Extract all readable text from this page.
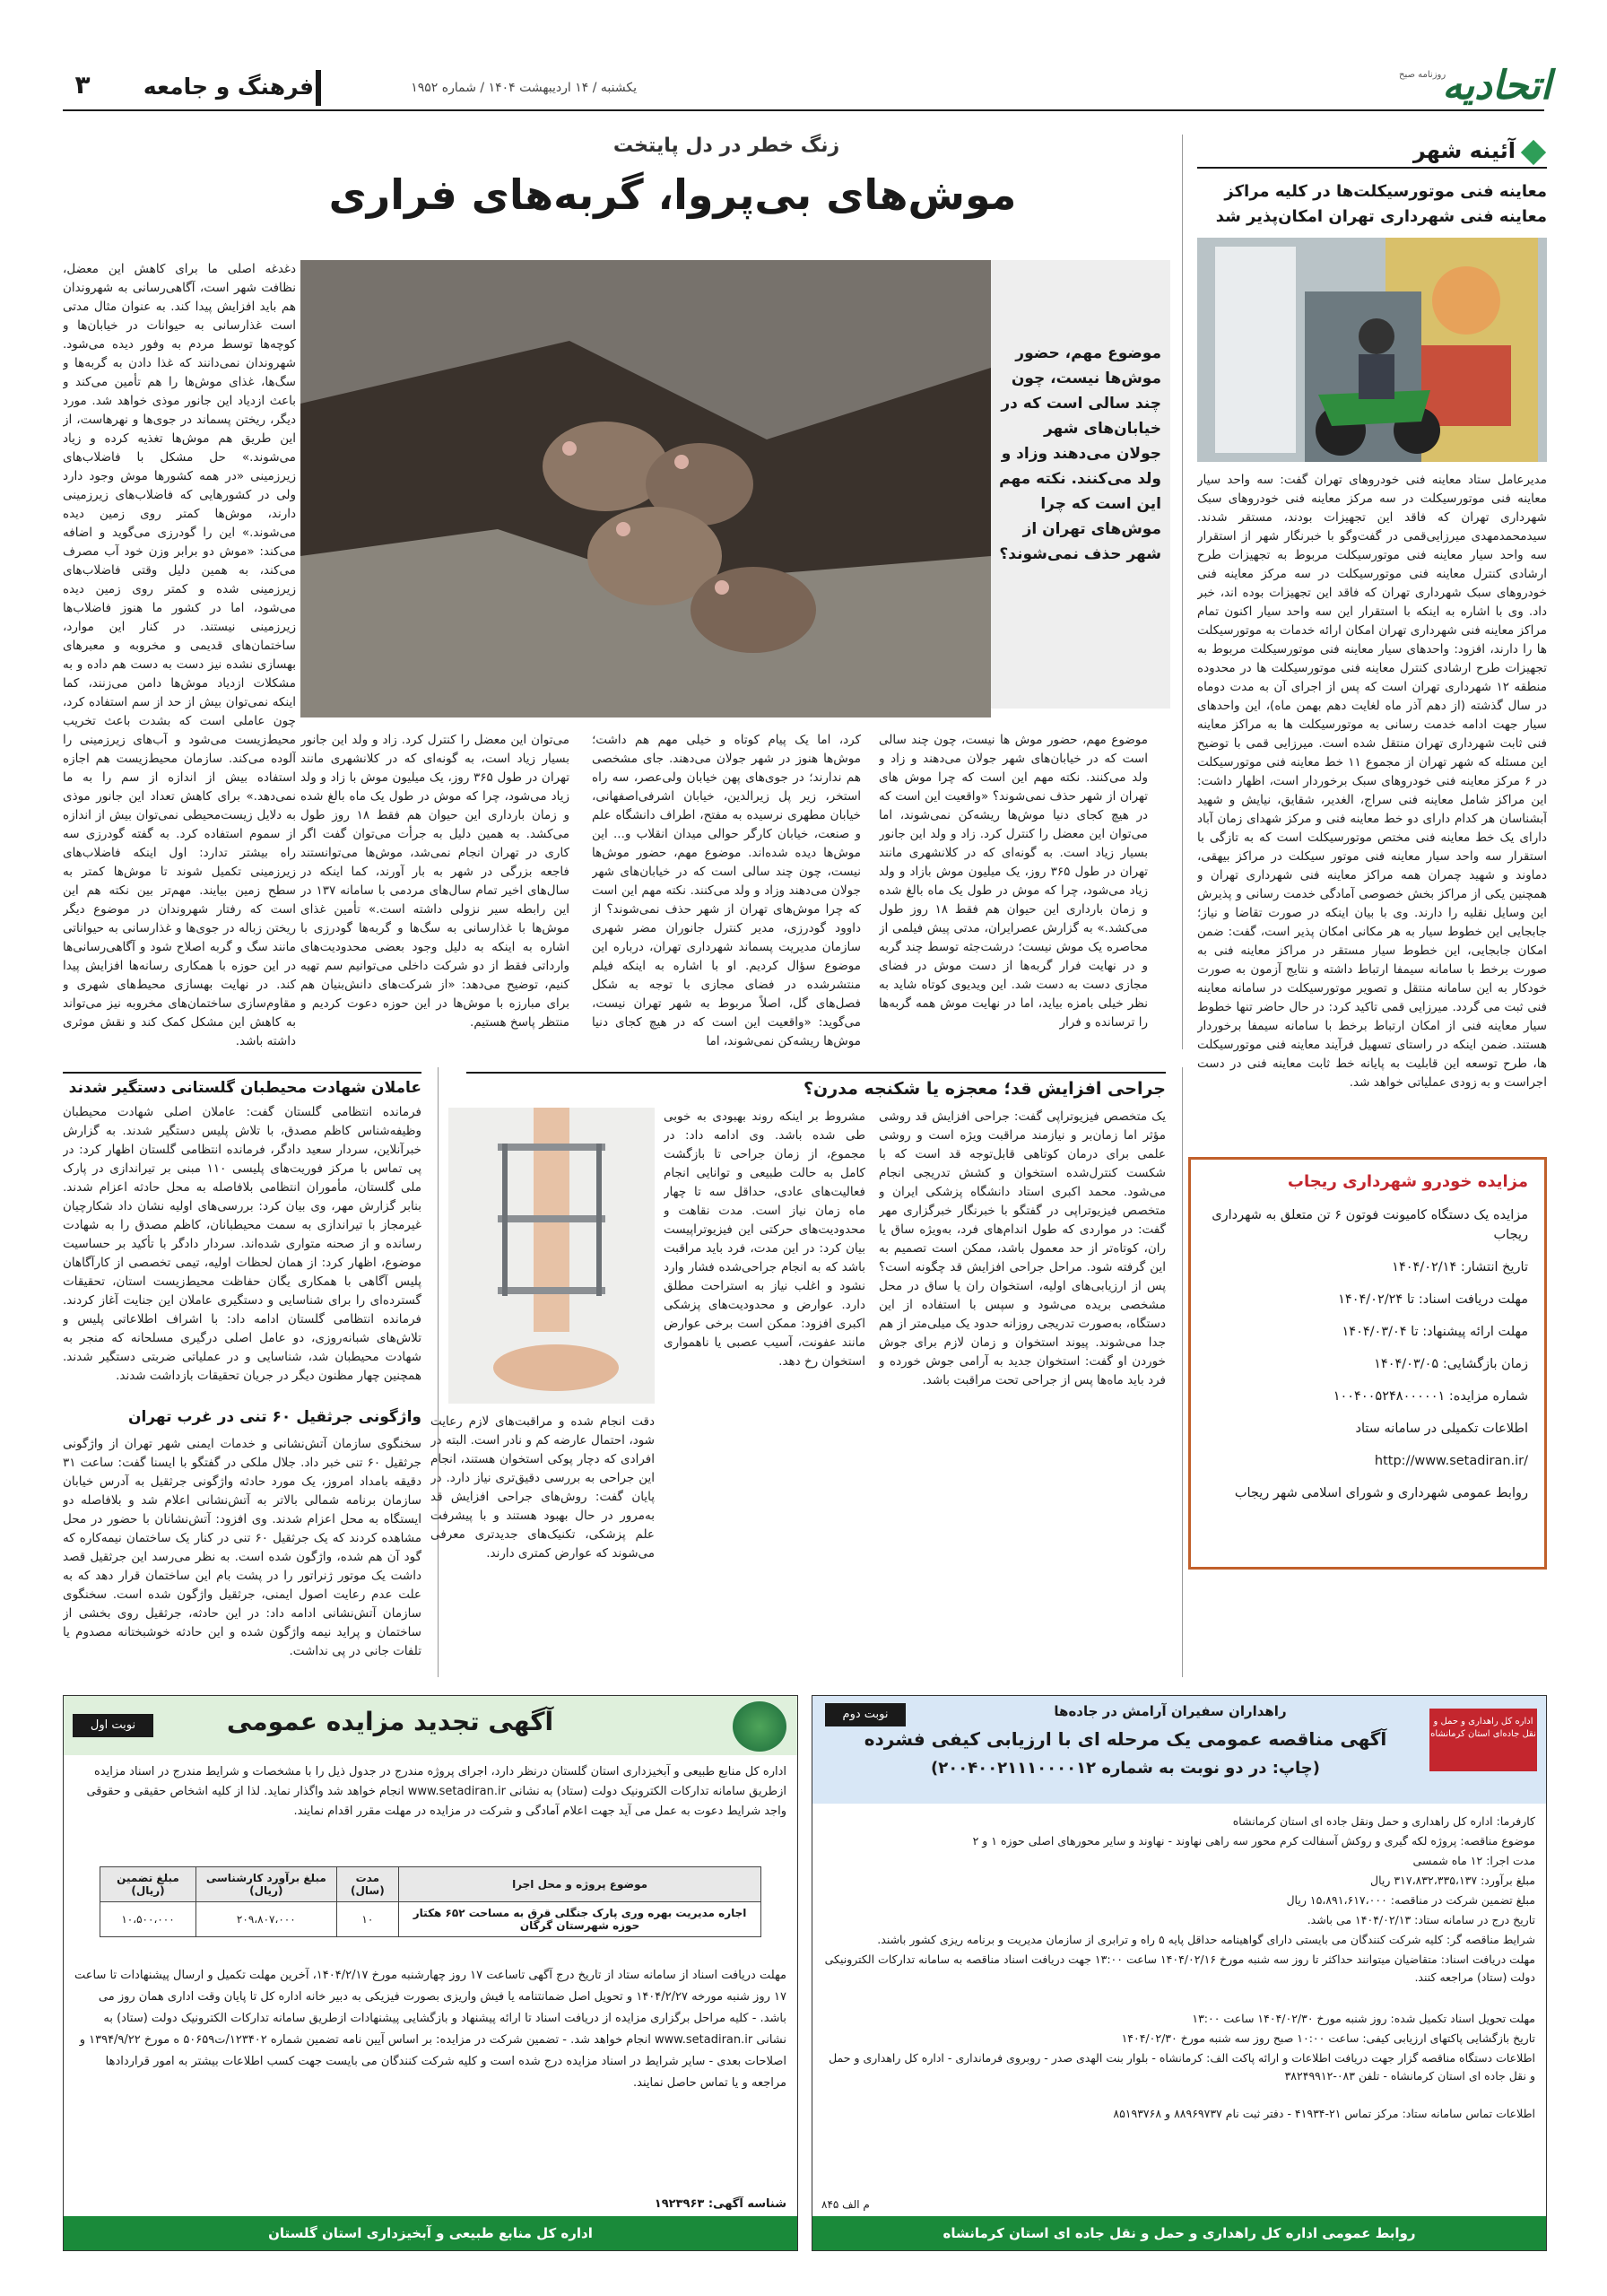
۳	فرهنگ و جامعه	یکشنبه / ۱۴ اردیبهشت ۱۴۰۴ / شماره ۱۹۵۲	اتحادیه
روزنامه صبح
آئینه شهر
معاینه فنی موتورسیکلت‌ها در کلیه مراکز معاینه فنی شهرداری تهران امکان‌پذیر شد
مدیرعامل ستاد معاینه فنی خودروهای تهران گفت: سه واحد سیار معاینه فنی موتورسیکلت در سه مرکز معاینه فنی خودروهای سبک شهرداری تهران که فاقد این تجهیزات بودند، مستقر شدند. سیدمحمدمهدی میرزایی‌قمی در گفت‌وگو با خبرنگار شهر از استقرار سه واحد سیار معاینه فنی موتورسیکلت مربوط به تجهیزات طرح ارشادی کنترل معاینه فنی موتورسیکلت در سه مرکز معاینه فنی خودروهای سبک شهرداری تهران که فاقد این تجهیزات بوده اند، خبر داد. وی با اشاره به اینکه با استقرار این سه واحد سیار اکنون تمام مراکز معاینه فنی شهرداری تهران امکان ارائه خدمات به موتورسیکلت ها را دارند، افزود: واحدهای سیار معاینه فنی موتورسیکلت مربوط به تجهیزات طرح ارشادی کنترل معاینه فنی موتورسیکلت ها در محدوده منطقه ۱۲ شهرداری تهران است که پس از اجرای آن به مدت دوماه در سال گذشته (از دهم آذر ماه لغایت دهم بهمن ماه)، این واحدهای سیار جهت ادامه خدمت رسانی به موتورسیکلت ها به مراکز معاینه فنی ثابت شهرداری تهران منتقل شده است. میرزایی قمی با توضیح این مسئله که شهر تهران از مجموع ۱۱ خط معاینه فنی موتورسیکلت در ۶ مرکز معاینه فنی خودروهای سبک برخوردار است، اظهار داشت: این مراکز شامل معاینه فنی سراج، الغدیر، شقایق، نیایش و شهید آبشناسان هر کدام دارای دو خط معاینه فنی و مرکز شهدای زمان آباد دارای یک خط معاینه فنی مختص موتورسیکلت است که به تازگی با استقرار سه واحد سیار معاینه فنی موتور سیکلت در مراکز بیهقی، دماوند و شهید چمران همه مراکز معاینه فنی شهرداری تهران و همچنین یکی از مراکز بخش خصوصی آمادگی خدمت رسانی و پذیرش این وسایل نقلیه را دارند. وی با بیان اینکه در صورت تقاضا و نیاز؛ جابجایی این خطوط سیار به هر مکانی امکان پذیر است، گفت: ضمن امکان جابجایی، این خطوط سیار مستقر در مراکز معاینه فنی به صورت برخط با سامانه سیمفا ارتباط داشته و نتایج آزمون به صورت خودکار به این سامانه منتقل و تصویر موتورسیکلت در سامانه معاینه فنی ثبت می گردد. میرزایی قمی تاکید کرد: در حال حاضر تنها خطوط سیار معاینه فنی از امکان ارتباط برخط با سامانه سیمفا برخوردار هستند. ضمن اینکه در راستای تسهیل فرآیند معاینه فنی موتورسیکلت ها، طرح توسعه این قابلیت به پایانه خط ثابت معاینه فنی در دست اجراست و به زودی عملیاتی خواهد شد.
زنگ خطر در دل پایتخت
موش‌های بی‌پروا، گربه‌های فراری
موضوع مهم، حضور موش‌ها نیست، چون چند سالی است که در خیابان‌های شهر جولان می‌دهند وزاد و ولد می‌کنند. نکته مهم این است که چرا موش‌های تهران از شهر حذف نمی‌شوند؟
موضوع مهم، حضور موش ها نیست، چون چند سالی است که در خیابان‌های شهر جولان می‌دهند و زاد و ولد می‌کنند. نکته مهم این است که چرا موش های تهران از شهر حذف نمی‌شوند؟ «واقعیت این است که در هیچ کجای دنیا موش‌ها ریشه‌کن نمی‌شوند، اما می‌توان این معضل را کنترل کرد. زاد و ولد این جانور بسیار زیاد است. به گونه‌ای که در کلانشهری مانند تهران در طول ۳۶۵ روز، یک میلیون موش بازاد و ولد زیاد می‌شود، چرا که موش در طول یک ماه بالغ شده و زمان بارداری این حیوان هم فقط ۱۸ روز طول می‌کشد.» به گزارش عصرایران، مدتی پیش فیلمی از محاصره یک موش نیست؛ درشت‌جثه توسط چند گربه و در نهایت فرار گربه‌ها از دست موش در فضای مجازی دست به دست شد. این ویدیوی کوتاه شاید به نظر خیلی بامزه بیاید، اما در نهایت موش همه گربه‌ها را ترسانده و فرار
کرد، اما یک پیام کوتاه و خیلی مهم هم داشت؛ موش‌ها هنوز در شهر جولان می‌دهند. جای مشخصی هم ندارند؛ در جوی‌های پهن خیابان ولی‌عصر، سه راه استخر، زیر پل زیرالدین، خیابان اشرفی‌اصفهانی، خیابان مطهری نرسیده به مفتح، اطراف دانشگاه علم و صنعت، خیابان کارگر حوالی میدان انقلاب و... این موش‌ها دیده شده‌اند. موضوع مهم، حضور موش‌ها نیست، چون چند سالی است که در خیابان‌های شهر جولان می‌دهند وزاد و ولد می‌کنند. نکته مهم این است که چرا موش‌های تهران از شهر حذف نمی‌شوند؟ از داوود گودرزی، مدیر کنترل جانوران مضر شهری سازمان مدیریت پسماند شهرداری تهران، درباره این موضوع سؤال کردیم. او با اشاره به اینکه فیلم منتشرشده در فضای مجازی با توجه به شکل فصل‌های گل، اصلاً مربوط به شهر تهران نیست، می‌گوید: «واقعیت این است که در هیچ کجای دنیا موش‌ها ریشه‌کن نمی‌شوند، اما
می‌توان این معضل را کنترل کرد. زاد و ولد این جانور بسیار زیاد است، به گونه‌ای که در کلانشهری مانند تهران در طول ۳۶۵ روز، یک میلیون موش با زاد و ولد زیاد می‌شود، چرا که موش در طول یک ماه بالغ شده و زمان بارداری این حیوان هم فقط ۱۸ روز طول می‌کشد. به همین دلیل به جرأت می‌توان گفت اگر کاری در تهران انجام نمی‌شد، موش‌ها می‌توانستند فاجعه بزرگی در شهر به بار آورند، کما اینکه در سال‌های اخیر تمام سال‌های مردمی با سامانه ۱۳۷ در این رابطه سیر نزولی داشته است.» تأمین غذای موش‌ها با غذارسانی به سگ‌ها و گربه‌ها گودرزی با اشاره به اینکه به دلیل وجود بعضی محدودیت‌های وارداتی فقط از دو شرکت داخلی می‌توانیم سم تهیه کنیم، توضیح می‌دهد: «از شرکت‌های دانش‌بنیان هم برای مبارزه با موش‌ها در این حوزه دعوت کردیم و منتظر پاسخ هستیم.
دغدغه اصلی ما برای کاهش این معضل، نظافت شهر است، آگاهی‌رسانی به شهروندان هم باید افزایش پیدا کند. به عنوان مثال مدتی است غذارسانی به حیوانات در خیابان‌ها و کوچه‌ها توسط مردم به وفور دیده می‌شود. شهروندان نمی‌دانند که غذا دادن به گربه‌ها و سگ‌ها، غذای موش‌ها را هم تأمین می‌کند و باعث ازدیاد این جانور موذی خواهد شد. مورد دیگر، ریختن پسماند در جوی‌ها و نهرهاست، از این طریق هم موش‌ها تغذیه کرده و زیاد می‌شوند.» حل مشکل با فاضلاب‌های زیرزمینی «در همه کشورها موش وجود دارد ولی در کشورهایی که فاضلاب‌های زیرزمینی دارند، موش‌ها کمتر روی زمین دیده می‌شوند.» این را گودرزی می‌گوید و اضافه می‌کند: «موش دو برابر وزن خود آب مصرف می‌کند، به همین دلیل وقتی فاضلاب‌های زیرزمینی شده و کمتر روی زمین دیده می‌شود، اما در کشور ما هنوز فاضلاب‌ها زیرزمینی نیستند. در کنار این موارد، ساختمان‌های قدیمی و مخروبه و معبرهای بهسازی نشده نیز دست به دست هم داده و به مشکلات ازدیاد موش‌ها دامن می‌زنند، کما اینکه نمی‌توان بیش از حد از سم استفاده کرد، چون عاملی است که بشدت باعث تخریب محیط‌زیست می‌شود و آب‌های زیرزمینی را آلوده می‌کند. سازمان محیط‌زیست هم اجازه استفاده بیش از اندازه از سم را به ما نمی‌دهد.» برای کاهش تعداد این جانور موذی به دلایل زیست‌محیطی نمی‌توان بیش از اندازه از سموم استفاده کرد. به گفته گودرزی سه راه بیشتر تدارد: اول اینکه فاضلاب‌های زیرزمینی تکمیل شوند تا موش‌ها کمتر به سطح زمین بیایند. مهم‌تر بین نکته هم این است که رفتار شهروندان در موضوع دیگر ریختن زباله در جوی‌ها و غذارسانی به حیواناتی مانند سگ و گربه اصلاح شود و آگاهی‌رسانی‌ها در این حوزه با همکاری رسانه‌ها افزایش پیدا کند. در نهایت بهسازی محیط‌های شهری و مقاوم‌سازی ساختمان‌های مخروبه نیز می‌تواند به کاهش این مشکل کمک کند و نقش موثری داشته باشد.
جراحی افزایش قد؛ معجزه یا شکنجه مدرن؟
یک متخصص فیزیوتراپی گفت: جراحی افزایش قد روشی مؤثر اما زمان‌بر و نیازمند مراقبت ویژه است و روشی علمی برای درمان کوتاهی قابل‌توجه قد است که با شکست کنترل‌شده استخوان و کشش تدریجی انجام می‌شود. محمد اکبری استاد دانشگاه پزشکی ایران و متخصص فیزیوتراپی در گفتگو با خبرنگار خبرگزاری مهر گفت: در مواردی که طول اندام‌های فرد، به‌ویژه ساق یا ران، کوتاه‌تر از حد معمول باشد، ممکن است تصمیم به این گرفته شود. مراحل جراحی افزایش قد چگونه است؟ پس از ارزیابی‌های اولیه، استخوان ران یا ساق در محل مشخصی بریده می‌شود و سپس با استفاده از این دستگاه، به‌صورت تدریجی روزانه حدود یک میلی‌متر از هم جدا می‌شوند. پیوند استخوان و زمان لازم برای جوش خوردن او گفت: استخوان جدید به آرامی جوش خورده و فرد باید ماه‌ها پس از جراحی تحت مراقبت باشد.
مشروط بر اینکه روند بهبودی به خوبی طی شده باشد. وی ادامه داد: در مجموع، از زمان جراحی تا بازگشت کامل به حالت طبیعی و توانایی انجام فعالیت‌های عادی، حداقل سه تا چهار ماه زمان نیاز است. مدت نقاهت و محدودیت‌های حرکتی این فیزیوتراپیست بیان کرد: در این مدت، فرد باید مراقبت باشد که به انجام جراحی‌شده فشار وارد نشود و اغلب نیاز به استراحت مطلق دارد. عوارض و محدودیت‌های پزشکی اکبری افزود: ممکن است برخی عوارض مانند عفونت، آسیب عصبی یا ناهمواری استخوان رخ دهد.
دقت انجام شده و مراقبت‌های لازم رعایت شود، احتمال عارضه کم و نادر است. البته در افرادی که دچار پوکی استخوان هستند، انجام این جراحی به بررسی دقیق‌تری نیاز دارد. در پایان گفت: روش‌های جراحی افزایش قد به‌مرور در حال بهبود هستند و با پیشرفت علم پزشکی، تکنیک‌های جدیدتری معرفی می‌شوند که عوارض کمتری دارند.
عاملان شهادت محیطبان گلستانی دستگیر شدند
فرمانده انتظامی گلستان گفت: عاملان اصلی شهادت محیطبان وظیفه‌شناس کاظم مصدق، با تلاش پلیس دستگیر شدند. به گزارش خبرآنلاین، سردار سعید دادگر، فرمانده انتظامی گلستان اظهار کرد: در پی تماس با مرکز فوریت‌های پلیسی ۱۱۰ مبنی بر تیراندازی در پارک ملی گلستان، مأموران انتظامی بلافاصله به محل حادثه اعزام شدند. بنابر گزارش مهر، وی بیان کرد: بررسی‌های اولیه نشان داد شکارچیان غیرمجاز با تیراندازی به سمت محیطبانان، کاظم مصدق را به شهادت رسانده و از صحنه متواری شده‌اند. سردار دادگر با تأکید بر حساسیت موضوع، اظهار کرد: از همان لحظات اولیه، تیمی تخصصی از کارآگاهان پلیس آگاهی با همکاری یگان حفاظت محیط‌زیست استان، تحقیقات گسترده‌ای را برای شناسایی و دستگیری عاملان این جنایت آغاز کردند. فرمانده انتظامی گلستان ادامه داد: با اشراف اطلاعاتی پلیس و تلاش‌های شبانه‌روزی، دو عامل اصلی درگیری مسلحانه که منجر به شهادت محیطبان شد، شناسایی و در عملیاتی ضربتی دستگیر شدند. همچنین چهار مظنون دیگر در جریان تحقیقات بازداشت شدند.
واژگونی جرثقیل ۶۰ تنی در غرب تهران
سخنگوی سازمان آتش‌نشانی و خدمات ایمنی شهر تهران از واژگونی جرثقیل ۶۰ تنی خبر داد. جلال ملکی در گفتگو با ایسنا گفت: ساعت ۳۱ دقیقه بامداد امروز، یک مورد حادثه واژگونی جرثقیل به آدرس خیابان سازمان برنامه شمالی بالاتر به آتش‌نشانی اعلام شد و بلافاصله دو ایستگاه به محل اعزام شدند. وی افزود: آتش‌نشانان با حضور در محل مشاهده کردند که یک جرثقیل ۶۰ تنی در کنار یک ساختمان نیمه‌کاره که گود آن هم شده، واژگون شده است. به نظر می‌رسد این جرثقیل قصد داشت یک موتور ژنراتور را در پشت بام این ساختمان قرار دهد که به علت عدم رعایت اصول ایمنی، جرثقیل واژگون شده است. سخنگوی سازمان آتش‌نشانی ادامه داد: در این حادثه، جرثقیل روی بخشی از ساختمان و پراید نیمه واژگون شده و این حادثه خوشبختانه مصدوم یا تلفات جانی در پی نداشت.
مزایده خودرو شهرداری ریجاب

مزایده یک دستگاه کامیونت فوتون ۶ تن متعلق به شهرداری ریجاب

تاریخ انتشار: ۱۴۰۴/۰۲/۱۴

مهلت دریافت اسناد: تا ۱۴۰۴/۰۲/۲۴

مهلت ارائه پیشنهاد: تا ۱۴۰۴/۰۳/۰۴

زمان بازگشایی: ۱۴۰۴/۰۳/۰۵

شماره مزایده: ۱۰۰۴۰۰۵۲۴۸۰۰۰۰۰۱

اطلاعات تکمیلی در سامانه ستاد

http://www.setadiran.ir/

روابط عمومی شهرداری و شورای اسلامی شهر ریجاب

اداره کل راهداری و حمل و نقل جاده‌ای استان کرمانشاه
راهداران سفیران آرامش در جاده‌ها
نوبت دوم
آگهی مناقصه عمومی یک مرحله ای با ارزیابی کیفی فشرده
(چاپ: در دو نوبت به شماره ۲۰۰۴۰۰۲۱۱۱۰۰۰۰۱۲)
کارفرما: اداره کل راهداری و حمل ونقل جاده ای استان کرمانشاه
موضوع مناقصه: پروژه لکه گیری و روکش آسفالت کرم محور سه راهی نهاوند - نهاوند و سایر محورهای اصلی حوزه ۱ و ۲
مدت اجرا: ۱۲ ماه شمسی
مبلغ برآورد: ۳۱۷،۸۳۲،۳۳۵،۱۳۷ ریال
مبلغ تضمین شرکت در مناقصه: ۱۵،۸۹۱،۶۱۷،۰۰۰ ریال
تاریخ درج در سامانه ستاد: ۱۴۰۴/۰۲/۱۳ می باشد.
شرایط مناقصه گر: کلیه شرکت کنندگان می بایستی دارای گواهینامه حداقل پایه ۵ راه و ترابری از سازمان مدیریت و برنامه ریزی کشور باشند.
مهلت دریافت اسناد: متقاضیان میتوانند حداکثر تا روز سه شنبه مورخ ۱۴۰۴/۰۲/۱۶ ساعت ۱۳:۰۰ جهت دریافت اسناد مناقصه به سامانه تدارکات الکترونیکی دولت (ستاد) مراجعه کنند.
مهلت تحویل اسناد تکمیل شده: روز شنبه مورخ ۱۴۰۴/۰۲/۳۰ ساعت ۱۳:۰۰
تاریخ بازگشایی پاکتهای ارزیابی کیفی: ساعت ۱۰:۰۰ صبح روز سه شنبه مورخ ۱۴۰۴/۰۲/۳۰
اطلاعات دستگاه مناقصه گزار جهت دریافت اطلاعات و ارائه پاکت الف: کرمانشاه - بلوار بنت الهدی صدر - روبروی فرمانداری - اداره کل راهداری و حمل و نقل جاده ای استان کرمانشاه - تلفن ۰۸۳-۳۸۲۴۹۹۱۲
اطلاعات تماس سامانه ستاد: مرکز تماس ۲۱-۴۱۹۳۴ - دفتر ثبت نام ۸۸۹۶۹۷۳۷ و ۸۵۱۹۳۷۶۸
روابط عمومی اداره کل راهداری و حمل و نقل جاده ای استان کرمانشاه
م الف ۸۴۵
آگهی تجدید مزایده عمومی
نوبت اول
اداره کل منابع طبیعی و آبخیزداری استان گلستان درنظر دارد، اجرای پروژه مندرج در جدول ذیل را با مشخصات و شرایط مندرج در اسناد مزایده ازطریق سامانه تدارکات الکترونیک دولت (ستاد) به نشانی www.setadiran.ir انجام خواهد شد واگذار نماید. لذا از کلیه اشخاص حقیقی و حقوقی واجد شرایط دعوت به عمل می آید جهت اعلام آمادگی و شرکت در مزایده در مهلت مقرر اقدام نمایند.
موضوع پروژه و محل اجرا	مدت (سال)	مبلغ برآورد کارشناسی (ریال)	مبلغ تضمین (ریال)
اجاره مدیریت بهره وری پارک جنگلی قرق به مساحت ۶۵۲ هکتار حوزه شهرستان گرگان	۱۰	۲۰۹،۸۰۷،۰۰۰	۱۰،۵۰۰،۰۰۰
مهلت دریافت اسناد از سامانه ستاد از تاریخ درج آگهی تاساعت ۱۷ روز چهارشنبه مورخ ۱۴۰۴/۲/۱۷، آخرین مهلت تکمیل و ارسال پیشنهادات تا ساعت ۱۷ روز شنبه مورخه ۱۴۰۴/۲/۲۷ و تحویل اصل ضمانتنامه یا فیش واریزی بصورت فیزیکی به دبیر خانه اداره کل تا پایان وقت اداری همان روز می باشد. - کلیه مراحل برگزاری مزایده از دریافت اسناد تا ارائه پیشنهاد و بازگشایی پیشنهادات ازطریق سامانه تدارکات الکترونیک دولت (ستاد) به نشانی www.setadiran.ir انجام خواهد شد. - تضمین شرکت در مزایده: بر اساس آیین نامه تضمین شماره ۱۲۳۴۰۲/ت۵۰۶۵۹ ه مورخ ۱۳۹۴/۹/۲۲ و اصلاحات بعدی - سایر شرایط در اسناد مزایده درج شده است و کلیه شرکت کنندگان می بایست جهت کسب اطلاعات بیشتر به امور قراردادها مراجعه و یا تماس حاصل نمایند.
شناسه آگهی: ۱۹۲۳۹۶۳
اداره کل منابع طبیعی و آبخیزداری استان گلستان
